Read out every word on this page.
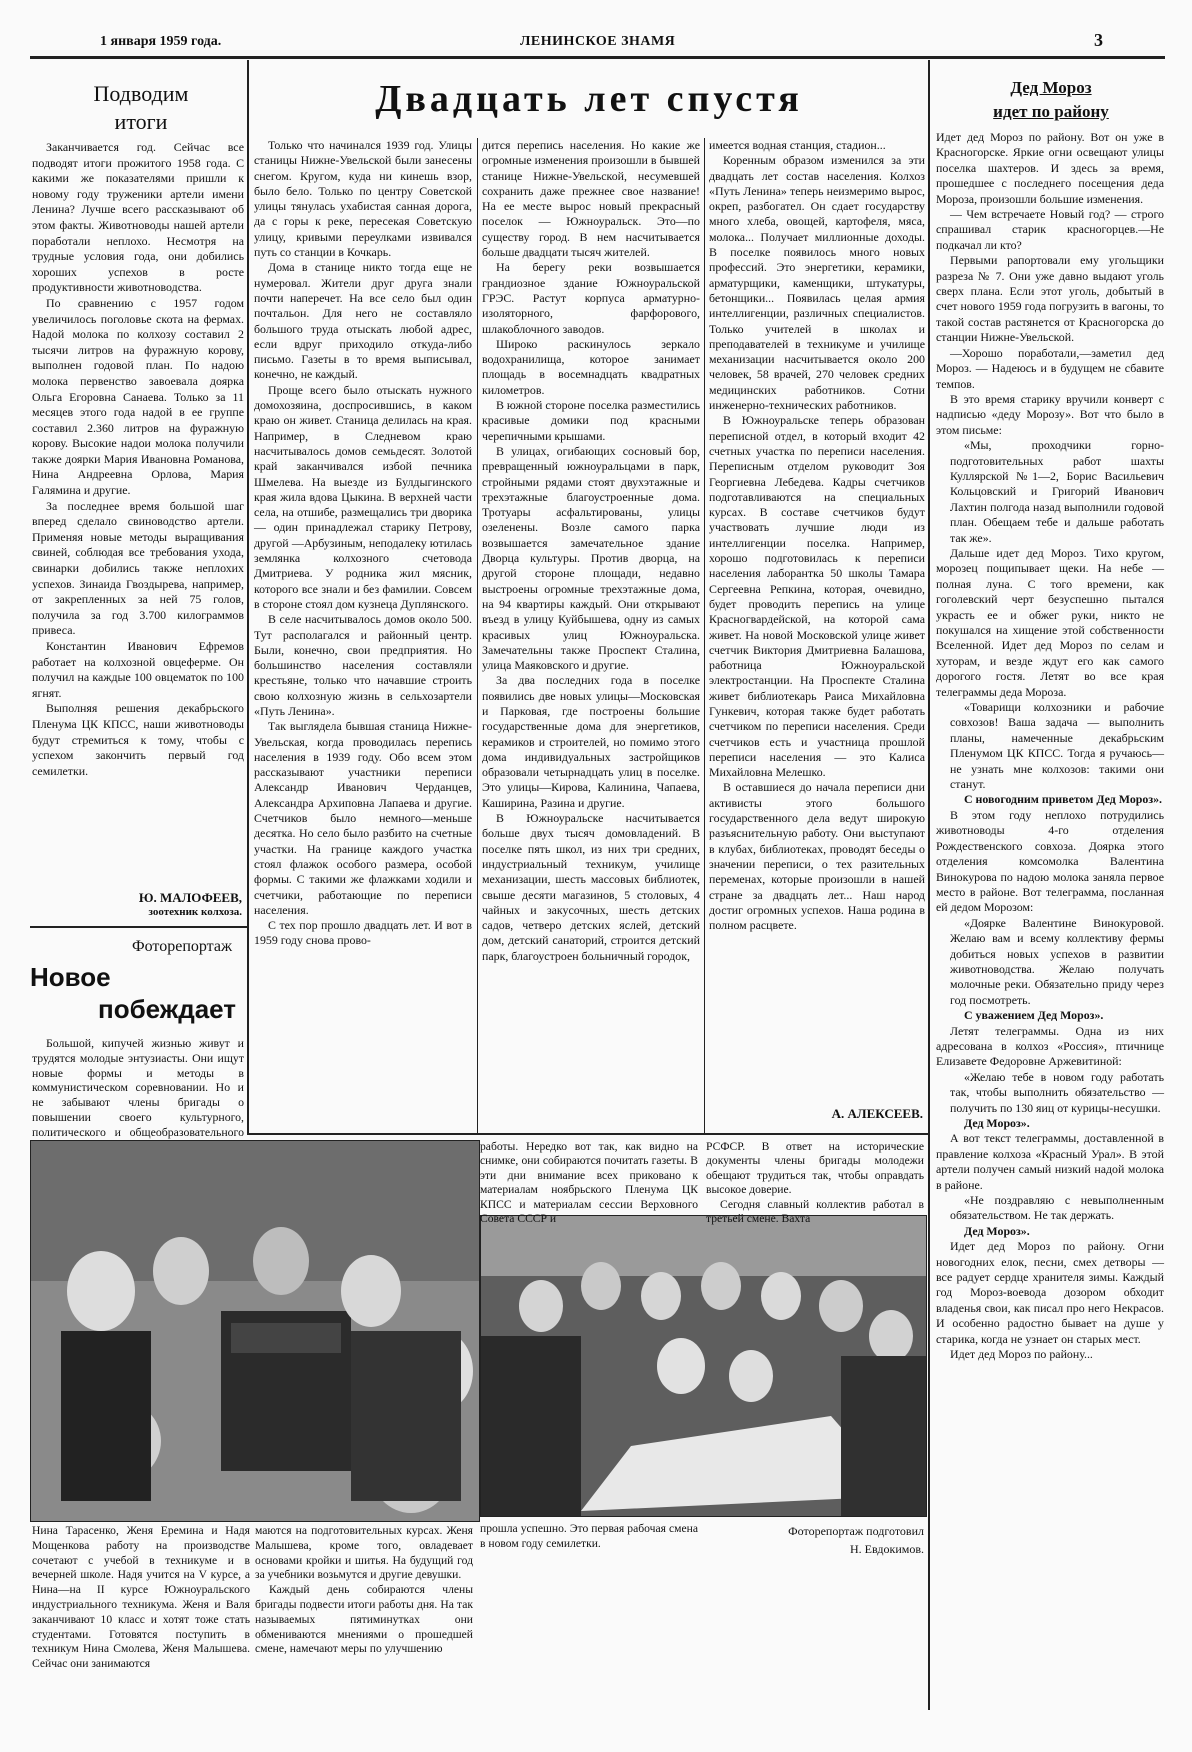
1 января 1959 года.	ЛЕНИНСКОЕ ЗНАМЯ	3
Подводим итоги

Заканчивается год. Сейчас все подводят итоги прожитого 1958 года. С какими же показателями пришли к новому году труженики артели имени Ленина? Лучше всего рассказывают об этом факты. Животноводы нашей артели поработали неплохо. Несмотря на трудные условия года, они добились хороших успехов в росте продуктивности животноводства.

По сравнению с 1957 годом увеличилось поголовье скота на фермах. Надой молока по колхозу составил 2 тысячи литров на фуражную корову, выполнен годовой план. По надою молока первенство завоевала доярка Ольга Егоровна Санаева. Только за 11 месяцев этого года надой в ее группе составил 2.360 литров на фуражную корову. Высокие надои молока получили также доярки Мария Ивановна Романова, Нина Андреевна Орлова, Мария Галямина и другие.

За последнее время большой шаг вперед сделало свиноводство артели. Применяя новые методы выращивания свиней, соблюдая все требования ухода, свинарки добились также неплохих успехов. Зинаида Гвоздырева, например, от закрепленных за ней 75 голов, получила за год 3.700 килограммов привеса.

Константин Иванович Ефремов работает на колхозной овцеферме. Он получил на каждые 100 овцематок по 100 ягнят.

Выполняя решения декабрьского Пленума ЦК КПСС, наши животноводы будут стремиться к тому, чтобы с успехом закончить первый год семилетки.

Ю. МАЛОФЕЕВ,
зоотехник колхоза.
Фоторепортаж
Новое
побеждает

Большой, кипучей жизнью живут и трудятся молодые энтузиасты. Они ищут новые формы и методы в коммунистическом соревновании. Но и не забывают члены бригады о повышении своего культурного, политического и общеобразовательного

Двадцать лет спустя

Только что начинался 1939 год. Улицы станицы Нижне-Увельской были занесены снегом. Кругом, куда ни кинешь взор, было бело. Только по центру Советской улицы тянулась ухабистая санная дорога, да с горы к реке, пересекая Советскую улицу, кривыми переулками извивался путь со станции в Кочкарь.

Дома в станице никто тогда еще не нумеровал. Жители друг друга знали почти наперечет. На все село был один почтальон. Для него не составляло большого труда отыскать любой адрес, если вдруг приходило откуда-либо письмо. Газеты в то время выписывал, конечно, не каждый.

Проще всего было отыскать нужного домохозяина, доспросившись, в каком краю он живет. Станица делилась на края. Например, в Следневом краю насчитывалось домов семьдесят. Золотой край заканчивался избой печника Шмелева. На выезде из Булдыгинского края жила вдова Цыкина. В верхней части села, на отшибе, размещались три дворика — один принадлежал старику Петрову, другой —Арбузиным, неподалеку ютилась землянка колхозного счетовода Дмитриева. У родника жил мясник, которого все знали и без фамилии. Совсем в стороне стоял дом кузнеца Дуплянского.

В селе насчитывалось домов около 500. Тут располагался и районный центр. Были, конечно, свои предприятия. Но большинство населения составляли крестьяне, только что начавшие строить свою колхозную жизнь в сельхозартели «Путь Ленина».

Так выглядела бывшая станица Нижне-Увельская, когда проводилась перепись населения в 1939 году. Обо всем этом рассказывают участники переписи Александр Иванович Черданцев, Александра Архиповна Лапаева и другие. Счетчиков было немного—меньше десятка. Но село было разбито на счетные участки. На границе каждого участка стоял флажок особого размера, особой формы. С такими же флажками ходили и счетчики, работающие по переписи населения.

С тех пор прошло двадцать лет. И вот в 1959 году снова прово-

дится перепись населения. Но какие же огромные изменения произошли в бывшей станице Нижне-Увельской, несумевшей сохранить даже прежнее свое название! На ее месте вырос новый прекрасный поселок — Южноуральск. Это—по существу город. В нем насчитывается больше двадцати тысяч жителей.

На берегу реки возвышается грандиозное здание Южноуральской ГРЭС. Растут корпуса арматурно-изоляторного, фарфорового, шлакоблочного заводов.

Широко раскинулось зеркало водохранилища, которое занимает площадь в восемнадцать квадратных километров.

В южной стороне поселка разместились красивые домики под красными черепичными крышами.

В улицах, огибающих сосновый бор, превращенный южноуральцами в парк, стройными рядами стоят двухэтажные и трехэтажные благоустроенные дома. Тротуары асфальтированы, улицы озеленены. Возле самого парка возвышается замечательное здание Дворца культуры. Против дворца, на другой стороне площади, недавно выстроены огромные трехэтажные дома, на 94 квартиры каждый. Они открывают въезд в улицу Куйбышева, одну из самых красивых улиц Южноуральска. Замечательны также Проспект Сталина, улица Маяковского и другие.

За два последних года в поселке появились две новых улицы—Московская и Парковая, где построены большие государственные дома для энергетиков, керамиков и строителей, но помимо этого дома индивидуальных застройщиков образовали четырнадцать улиц в поселке. Это улицы—Кирова, Калинина, Чапаева, Каширина, Разина и другие.

В Южноуральске насчитывается больше двух тысяч домовладений. В поселке пять школ, из них три средних, индустриальный техникум, училище механизации, шесть массовых библиотек, свыше десяти магазинов, 5 столовых, 4 чайных и закусочных, шесть детских садов, четверо детских яслей, детский дом, детский санаторий, строится детский парк, благоустроен больничный городок,

имеется водная станция, стадион...

Коренным образом изменился за эти двадцать лет состав населения. Колхоз «Путь Ленина» теперь неизмеримо вырос, окреп, разбогател. Он сдает государству много хлеба, овощей, картофеля, мяса, молока... Получает миллионные доходы. В поселке появилось много новых профессий. Это энергетики, керамики, арматурщики, каменщики, штукатуры, бетонщики... Появилась целая армия интеллигенции, различных специалистов. Только учителей в школах и преподавателей в техникуме и училище механизации насчитывается около 200 человек, 58 врачей, 270 человек средних медицинских работников. Сотни инженерно-технических работников.

В Южноуральске теперь образован переписной отдел, в который входит 42 счетных участка по переписи населения. Переписным отделом руководит Зоя Георгиевна Лебедева. Кадры счетчиков подготавливаются на специальных курсах. В составе счетчиков будут участвовать лучшие люди из интеллигенции поселка. Например, хорошо подготовилась к переписи населения лаборантка 50 школы Тамара Сергеевна Репкина, которая, очевидно, будет проводить перепись на улице Красногвардейской, на которой сама живет. На новой Московской улице живет счетчик Виктория Дмитриевна Балашова, работница Южноуральской электростанции. На Проспекте Сталина живет библиотекарь Раиса Михайловна Гункевич, которая также будет работать счетчиком по переписи населения. Среди счетчиков есть и участница прошлой переписи населения — это Калиса Михайловна Мелешко.

В оставшиеся до начала переписи дни активисты этого большого государственного дела ведут широкую разъяснительную работу. Они выступают в клубах, библиотеках, проводят беседы о значении переписи, о тех разительных переменах, которые произошли в нашей стране за двадцать лет... Наш народ достиг огромных успехов. Наша родина в полном расцвете.

А. АЛЕКСЕЕВ.
Нина Тарасенко, Женя Еремина и Надя Мощенкова работу на производстве сочетают с учебой в техникуме и в вечерней школе. Надя учится на V курсе, а Нина—на II курсе Южноуральского индустриального техникума. Женя и Валя заканчивают 10 класс и хотят тоже стать студентами. Готовятся поступить в техникум Нина Смолева, Женя Малышева. Сейчас они занимаются

маются на подготовительных курсах. Женя Малышева, кроме того, овладевает основами кройки и шитья. На будущий год за учебники возьмутся и другие девушки.

Каждый день собираются члены бригады подвести итоги работы дня. На так называемых пятиминутках они обмениваются мнениями о прошедшей смене, намечают меры по улучшению

работы. Нередко вот так, как видно на снимке, они собираются почитать газеты. В эти дни внимание всех приковано к материалам ноябрьского Пленума ЦК КПСС и материалам сессии Верховного Совета СССР и

РСФСР. В ответ на исторические документы члены бригады молодежи обещают трудиться так, чтобы оправдать высокое доверие.

Сегодня славный коллектив работал в третьей смене. Вахта

прошла успешно. Это первая рабочая смена в новом году семилетки.
Фоторепортаж подготовил
Н. Евдокимов.
Дед Мороз
идет по району

Идет дед Мороз по району. Вот он уже в Красногорске. Яркие огни освещают улицы поселка шахтеров. И здесь за время, прошедшее с последнего посещения деда Мороза, произошли большие изменения.

— Чем встречаете Новый год? — строго спрашивал старик красногорцев.—Не подкачал ли кто?

Первыми рапортовали ему угольщики разреза № 7. Они уже давно выдают уголь сверх плана. Если этот уголь, добытый в счет нового 1959 года погрузить в вагоны, то такой состав растянется от Красногорска до станции Нижне-Увельской.

—Хорошо поработали,—заметил дед Мороз. — Надеюсь и в будущем не сбавите темпов.

В это время старику вручили конверт с надписью «деду Морозу». Вот что было в этом письме:

«Мы, проходчики горно-подготовительных работ шахты Куллярской №1—2, Борис Васильевич Кольцовский и Григорий Иванович Лахтин полгода назад выполнили годовой план. Обещаем тебе и дальше работать так же».

Дальше идет дед Мороз. Тихо кругом, морозец пощипывает щеки. На небе — полная луна. С того времени, как гоголевский черт безуспешно пытался украсть ее и обжег руки, никто не покушался на хищение этой собственности Вселенной. Идет дед Мороз по селам и хуторам, и везде ждут его как самого дорогого гостя. Летят во все края телеграммы деда Мороза.

«Товарищи колхозники и рабочие совхозов! Ваша задача — выполнить планы, намеченные декабрьским Пленумом ЦК КПСС. Тогда я ручаюсь—не узнать мне колхозов: такими они станут.

С новогодним приветом Дед Мороз».

В этом году неплохо потрудились животноводы 4-го отделения Рождественского совхоза. Доярка этого отделения комсомолка Валентина Винокурова по надою молока заняла первое место в районе. Вот телеграмма, посланная ей дедом Морозом:

«Доярке Валентине Винокуровой. Желаю вам и всему коллективу фермы добиться новых успехов в развитии животноводства. Желаю получать молочные реки. Обязательно приду через год посмотреть.

С уважением Дед Мороз».

Летят телеграммы. Одна из них адресована в колхоз «Россия», птичнице Елизавете Федоровне Аржевитиной:

«Желаю тебе в новом году работать так, чтобы выполнить обязательство — получить по 130 яиц от курицы-несушки.

Дед Мороз».

А вот текст телеграммы, доставленной в правление колхоза «Красный Урал». В этой артели получен самый низкий надой молока в районе.

«Не поздравляю с невыполненным обязательством. Не так держать.

Дед Мороз».

Идет дед Мороз по району. Огни новогодних елок, песни, смех детворы — все радует сердце хранителя зимы. Каждый год Мороз-воевода дозором обходит владенья свои, как писал про него Некрасов. И особенно радостно бывает на душе у старика, когда не узнает он старых мест.

Идет дед Мороз по району...
